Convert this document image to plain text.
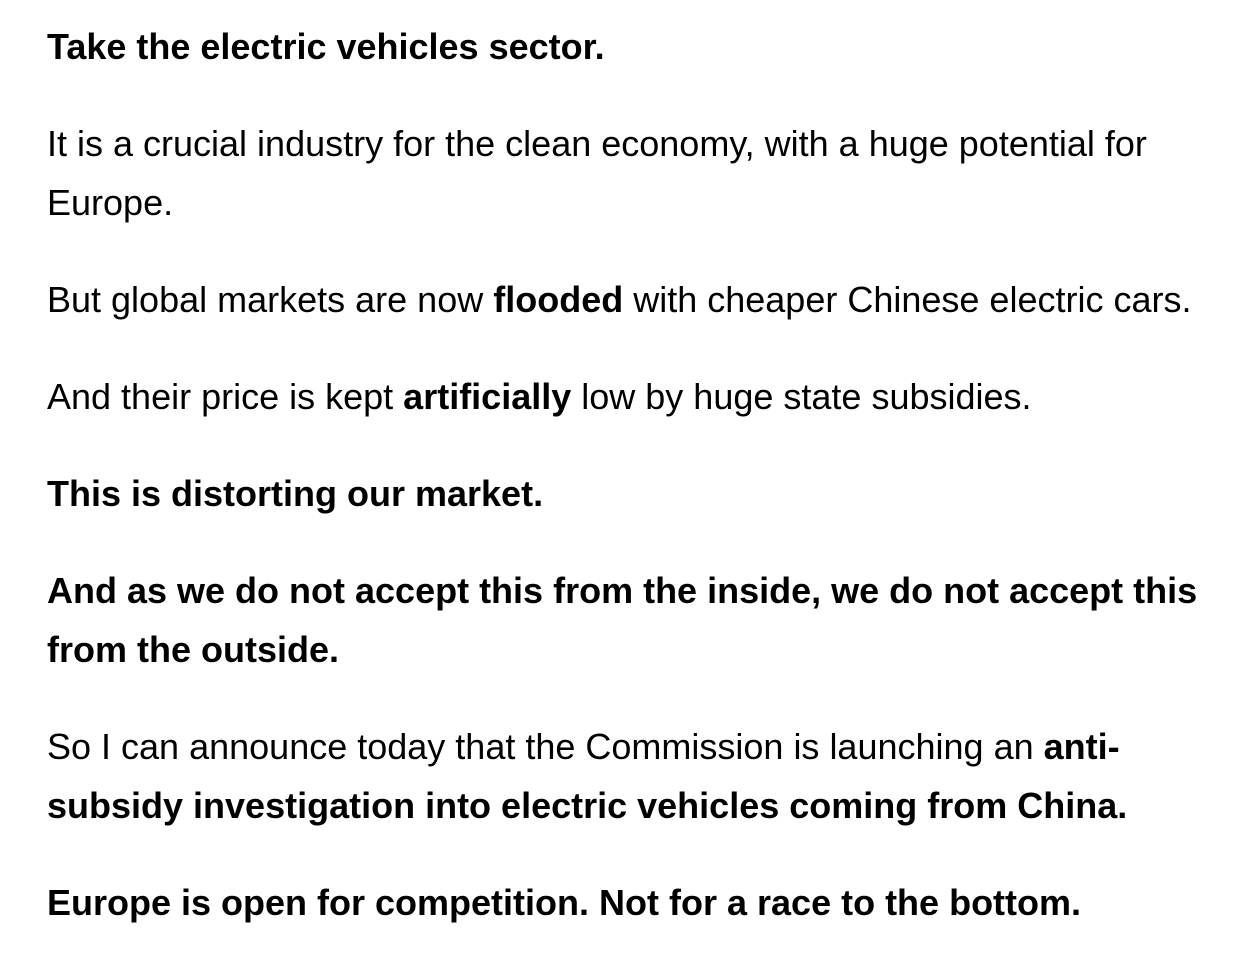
Take the electric vehicles sector.

It is a crucial industry for the clean economy, with a huge potential for Europe.

But global markets are now flooded with cheaper Chinese electric cars.

And their price is kept artificially low by huge state subsidies.

This is distorting our market.

And as we do not accept this from the inside, we do not accept this from the outside.

So I can announce today that the Commission is launching an anti-subsidy investigation into electric vehicles coming from China.

Europe is open for competition. Not for a race to the bottom.
